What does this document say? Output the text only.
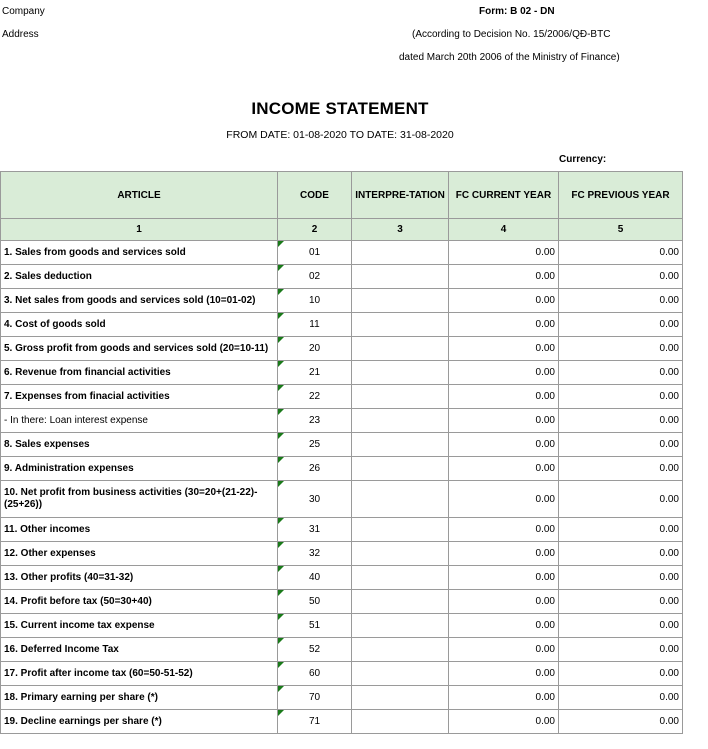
Company
Address
Form: B 02 - DN
(According to Decision No. 15/2006/QĐ-BTC
dated March 20th 2006 of the Ministry of Finance)
INCOME STATEMENT
FROM DATE: 01-08-2020 TO DATE: 31-08-2020
Currency:
ARTICLE	CODE	INTERPRE-TATION	FC CURRENT YEAR	FC PREVIOUS YEAR
1	2	3	4	5
1. Sales from goods and services sold	01		0.00	0.00
2. Sales deduction	02		0.00	0.00
3. Net sales from goods and services sold (10=01-02)	10		0.00	0.00
4. Cost of goods sold	11		0.00	0.00
5. Gross profit from goods and services sold (20=10-11)	20		0.00	0.00
6. Revenue from financial activities	21		0.00	0.00
7. Expenses from finacial activities	22		0.00	0.00
- In there: Loan interest expense	23		0.00	0.00
8. Sales expenses	25		0.00	0.00
9. Administration expenses	26		0.00	0.00
10. Net profit from business activities (30=20+(21-22)-(25+26))	30		0.00	0.00
11. Other incomes	31		0.00	0.00
12. Other expenses	32		0.00	0.00
13. Other profits (40=31-32)	40		0.00	0.00
14. Profit before tax (50=30+40)	50		0.00	0.00
15. Current income tax expense	51		0.00	0.00
16. Deferred Income Tax	52		0.00	0.00
17. Profit after income tax (60=50-51-52)	60		0.00	0.00
18. Primary earning per share (*)	70		0.00	0.00
19. Decline earnings per share (*)	71		0.00	0.00
